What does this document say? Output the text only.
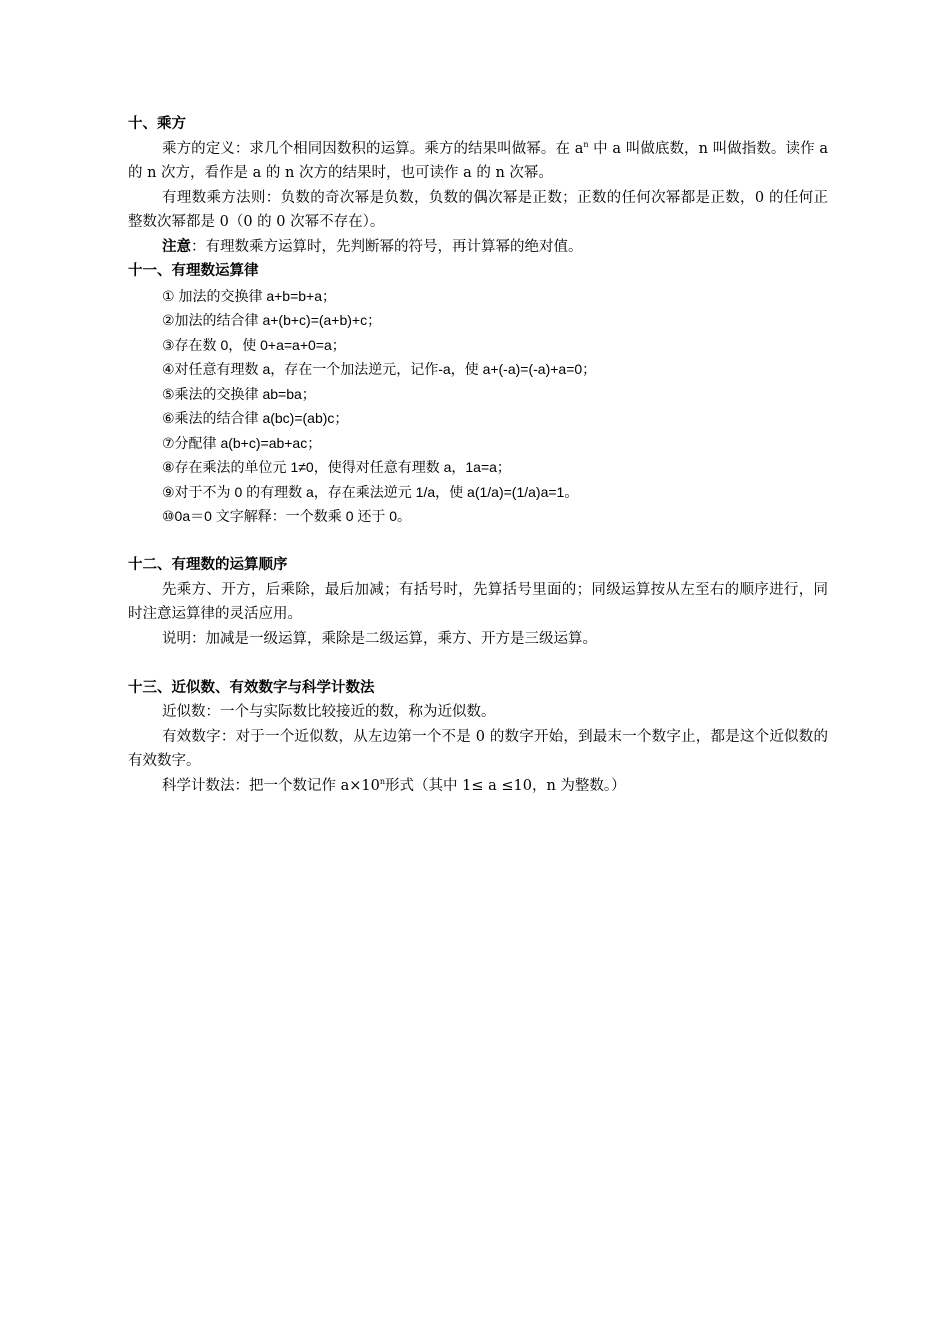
十、乘方
乘方的定义：求几个相同因数积的运算。乘方的结果叫做幂。在 $a^n$ 中 a 叫做底数，n 叫做指数。读作 a 的 n 次方，看作是 a 的 n 次方的结果时，也可读作 a 的 n 次幂。
有理数乘方法则：负数的奇次幂是负数，负数的偶次幂是正数；正数的任何次幂都是正数，0 的任何正整数次幂都是 0（0 的 0 次幂不存在）。
注意：有理数乘方运算时，先判断幂的符号，再计算幂的绝对值。
十一、有理数运算律
① 加法的交换律 a+b=b+a；
②加法的结合律 a+(b+c)=(a+b)+c；
③存在数 0，使 0+a=a+0=a；
④对任意有理数 a，存在一个加法逆元，记作-a，使 a+(-a)=(-a)+a=0；
⑤乘法的交换律 ab=ba；
⑥乘法的结合律 a(bc)=(ab)c；
⑦分配律 a(b+c)=ab+ac；
⑧存在乘法的单位元 1≠0，使得对任意有理数 a，1a=a；
⑨对于不为 0 的有理数 a，存在乘法逆元 1/a，使 a(1/a)=(1/a)a=1。
⑩0a＝0 文字解释：一个数乘 0 还于 0。
十二、有理数的运算顺序
先乘方、开方，后乘除，最后加减；有括号时，先算括号里面的；同级运算按从左至右的顺序进行，同时注意运算律的灵活应用。
说明：加减是一级运算，乘除是二级运算，乘方、开方是三级运算。
十三、近似数、有效数字与科学计数法
近似数：一个与实际数比较接近的数，称为近似数。
有效数字：对于一个近似数，从左边第一个不是 0 的数字开始，到最末一个数字止，都是这个近似数的有效数字。
科学计数法：把一个数记作 $a\times 10^n$形式（其中 1≤ a ≤10，n 为整数。）
